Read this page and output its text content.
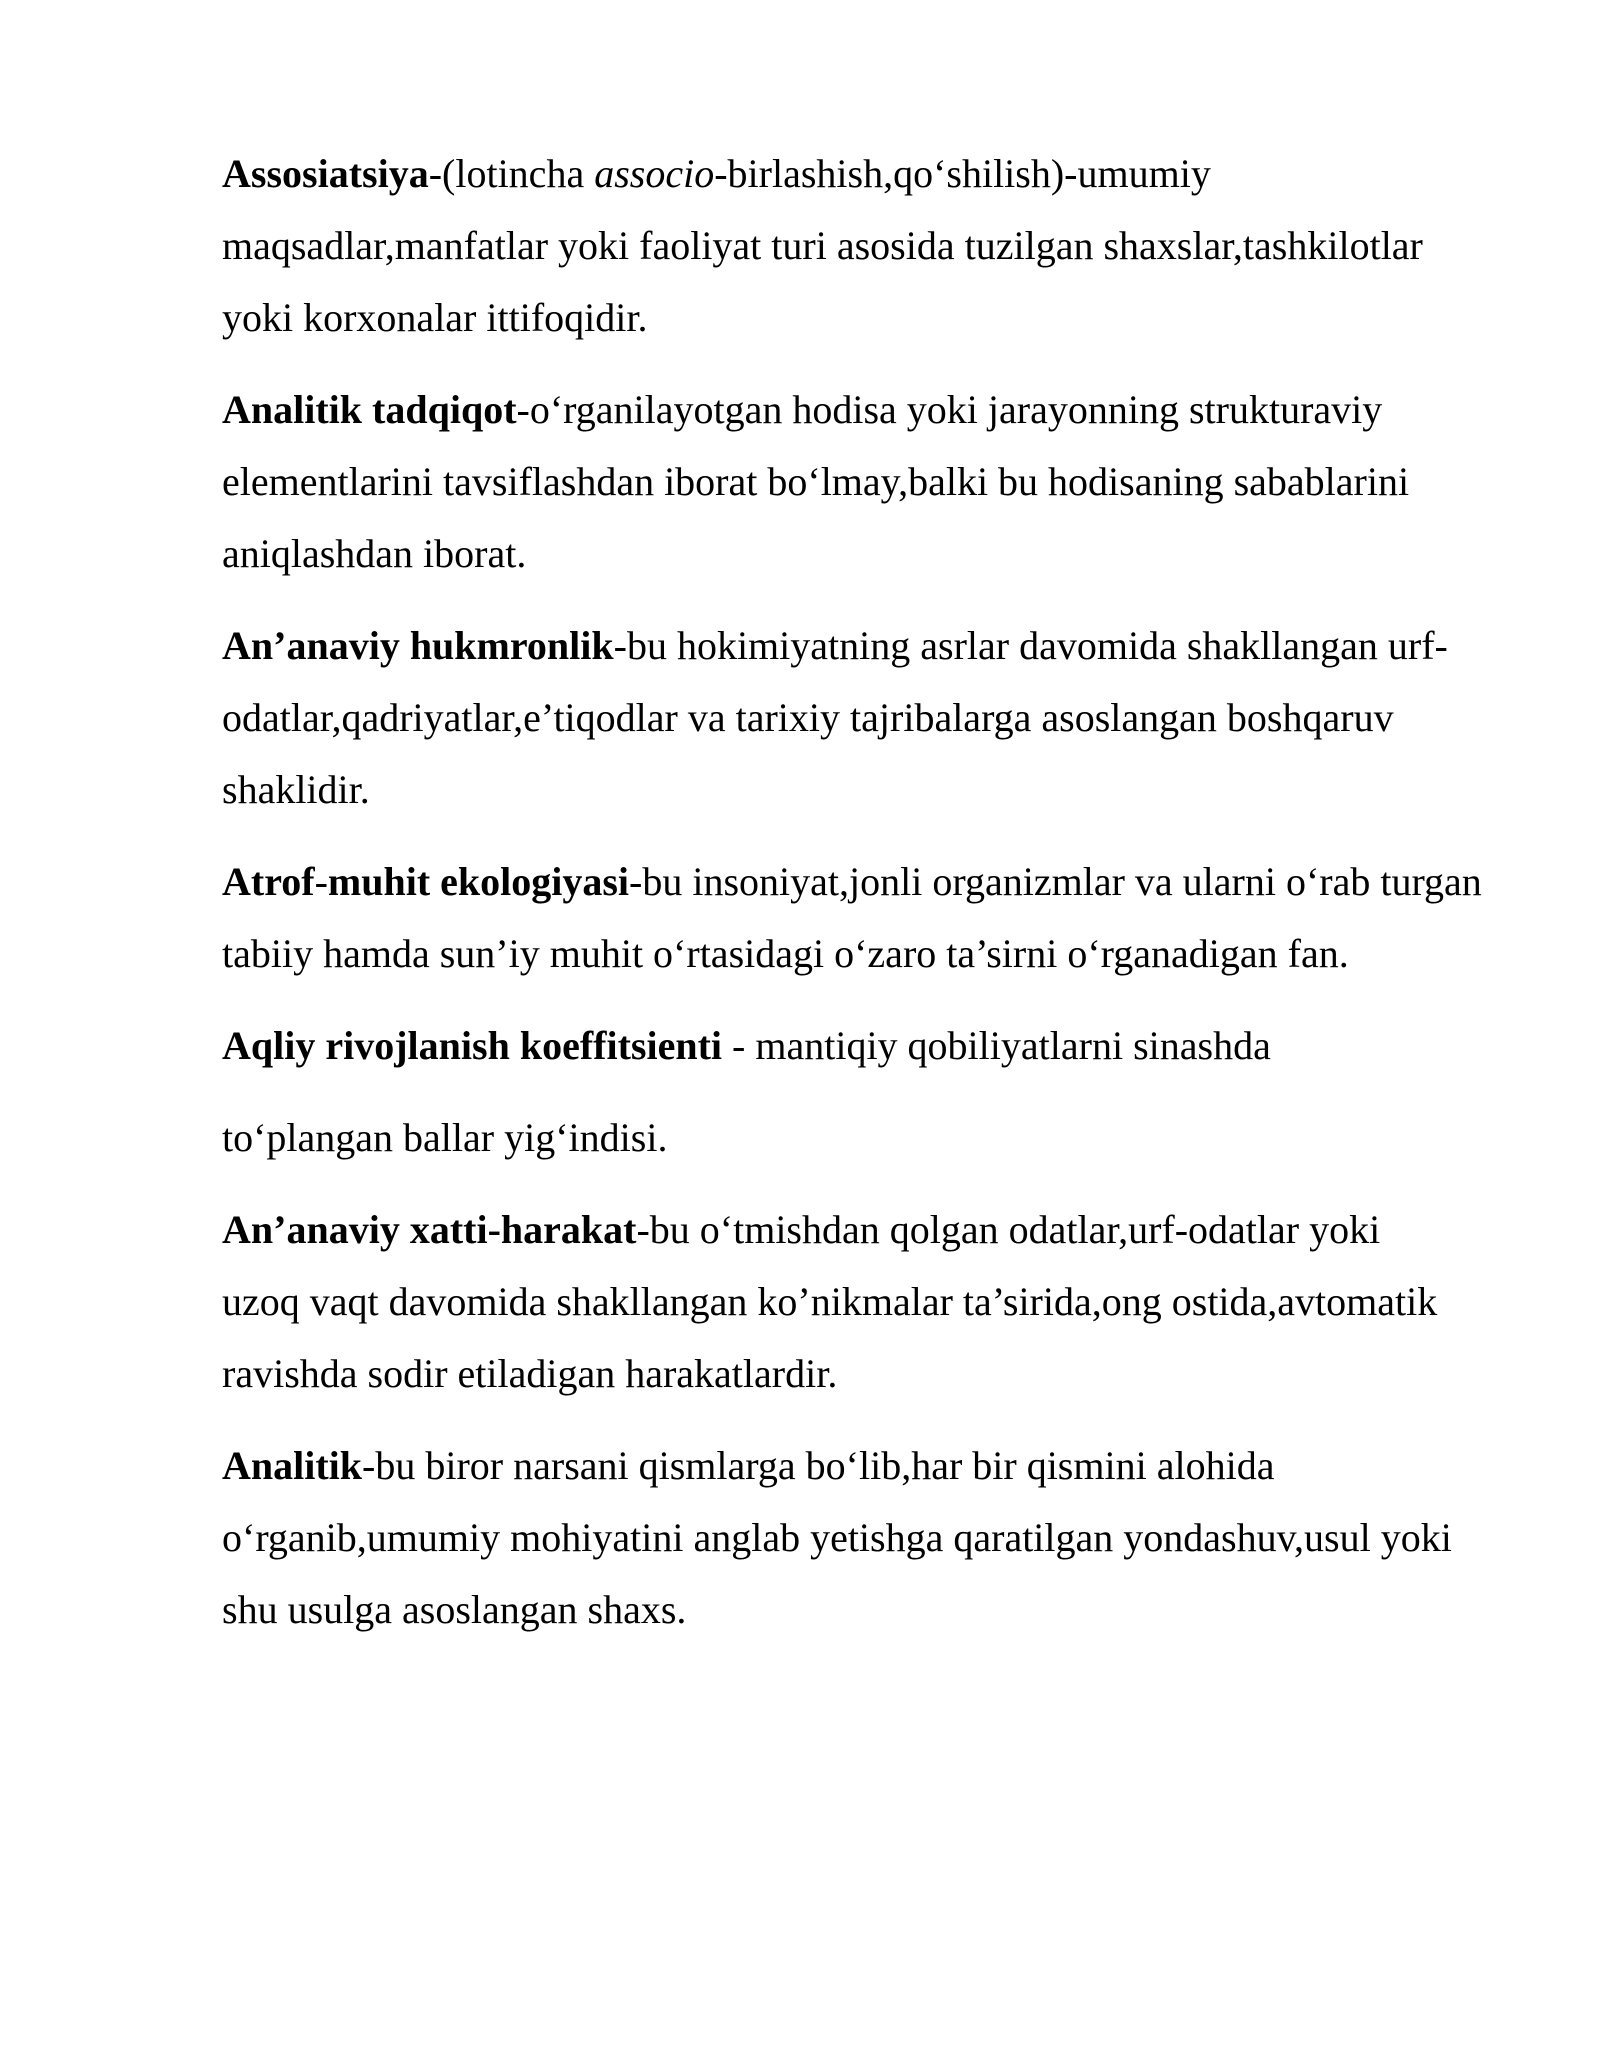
Assosiatsiya-(lotincha associo-birlashish,qo‘shilish)-umumiy maqsadlar,manfatlar yoki faoliyat turi asosida tuzilgan shaxslar,tashkilotlar yoki korxonalar ittifoqidir.

Analitik tadqiqot-o‘rganilayotgan hodisa yoki jarayonning strukturaviy elementlarini tavsiflashdan iborat bo‘lmay,balki bu hodisaning sabablarini aniqlashdan iborat.

An’anaviy hukmronlik-bu hokimiyatning asrlar davomida shakllangan urf-odatlar,qadriyatlar,e’tiqodlar va tarixiy tajribalarga asoslangan boshqaruv shaklidir.

Atrof-muhit ekologiyasi-bu insoniyat,jonli organizmlar va ularni o‘rab turgan tabiiy hamda sun’iy muhit o‘rtasidagi o‘zaro ta’sirni o‘rganadigan fan.

Aqliy rivojlanish koeffitsienti - mantiqiy qobiliyatlarni sinashda

to‘plangan ballar yig‘indisi.

An’anaviy xatti-harakat-bu o‘tmishdan qolgan odatlar,urf-odatlar yoki uzoq vaqt davomida shakllangan ko’nikmalar ta’sirida,ong ostida,avtomatik ravishda sodir etiladigan harakatlardir.

Analitik-bu biror narsani qismlarga bo‘lib,har bir qismini alohida o‘rganib,umumiy mohiyatini anglab yetishga qaratilgan yondashuv,usul yoki shu usulga asoslangan shaxs.
